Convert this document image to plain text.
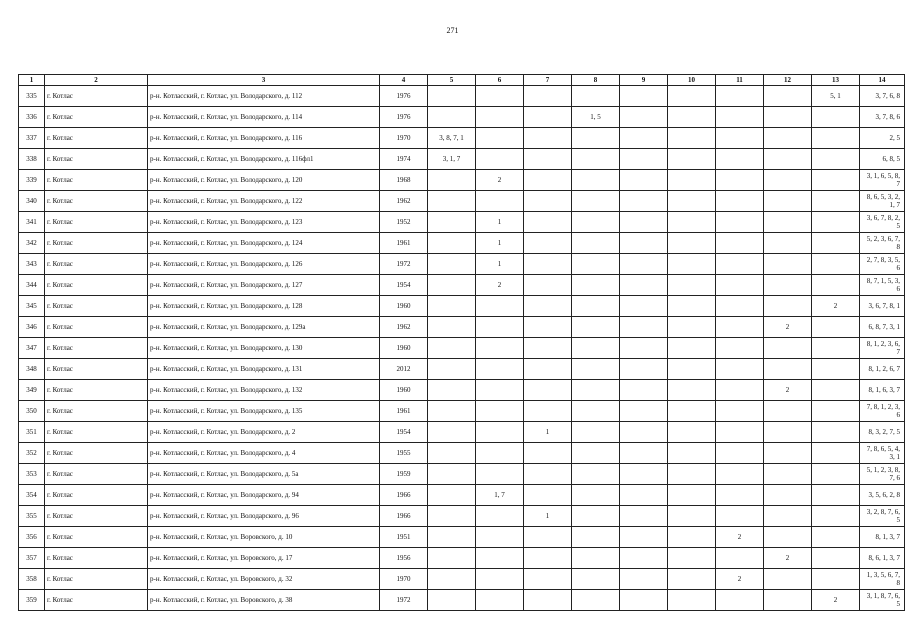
271
1	2	3	4	5	6	7	8	9	10	11	12	13	14
335	г. Котлас	р-н. Котласский, г. Котлас, ул. Володарского, д. 112	1976									5, 1	3, 7, 6, 8
336	г. Котлас	р-н. Котласский, г. Котлас, ул. Володарского, д. 114	1976				1, 5						3, 7, 8, 6
337	г. Котлас	р-н. Котласский, г. Котлас, ул. Володарского, д. 116	1970	3, 8, 7, 1									2, 5
338	г. Котлас	р-н. Котласский, г. Котлас, ул. Володарского, д. 116фл1	1974	3, 1, 7									6, 8, 5
339	г. Котлас	р-н. Котласский, г. Котлас, ул. Володарского, д. 120	1968		2								3, 1, 6, 5, 8, 7
340	г. Котлас	р-н. Котласский, г. Котлас, ул. Володарского, д. 122	1962										8, 6, 5, 3, 2, 1, 7
341	г. Котлас	р-н. Котласский, г. Котлас, ул. Володарского, д. 123	1952		1								3, 6, 7, 8, 2, 5
342	г. Котлас	р-н. Котласский, г. Котлас, ул. Володарского, д. 124	1961		1								5, 2, 3, 6, 7, 8
343	г. Котлас	р-н. Котласский, г. Котлас, ул. Володарского, д. 126	1972		1								2, 7, 8, 3, 5, 6
344	г. Котлас	р-н. Котласский, г. Котлас, ул. Володарского, д. 127	1954		2								8, 7, 1, 5, 3, 6
345	г. Котлас	р-н. Котласский, г. Котлас, ул. Володарского, д. 128	1960									2	3, 6, 7, 8, 1
346	г. Котлас	р-н. Котласский, г. Котлас, ул. Володарского, д. 129а	1962								2		6, 8, 7, 3, 1
347	г. Котлас	р-н. Котласский, г. Котлас, ул. Володарского, д. 130	1960										8, 1, 2, 3, 6, 7
348	г. Котлас	р-н. Котласский, г. Котлас, ул. Володарского, д. 131	2012										8, 1, 2, 6, 7
349	г. Котлас	р-н. Котласский, г. Котлас, ул. Володарского, д. 132	1960								2		8, 1, 6, 3, 7
350	г. Котлас	р-н. Котласский, г. Котлас, ул. Володарского, д. 135	1961										7, 8, 1, 2, 3, 6
351	г. Котлас	р-н. Котласский, г. Котлас, ул. Володарского, д. 2	1954			1							8, 3, 2, 7, 5
352	г. Котлас	р-н. Котласский, г. Котлас, ул. Володарского, д. 4	1955										7, 8, 6, 5, 4, 3, 1
353	г. Котлас	р-н. Котласский, г. Котлас, ул. Володарского, д. 5а	1959										5, 1, 2, 3, 8, 7, 6
354	г. Котлас	р-н. Котласский, г. Котлас, ул. Володарского, д. 94	1966		1, 7								3, 5, 6, 2, 8
355	г. Котлас	р-н. Котласский, г. Котлас, ул. Володарского, д. 96	1966			1							3, 2, 8, 7, 6, 5
356	г. Котлас	р-н. Котласский, г. Котлас, ул. Воровского, д. 10	1951							2			8, 1, 3, 7
357	г. Котлас	р-н. Котласский, г. Котлас, ул. Воровского, д. 17	1956								2		8, 6, 1, 3, 7
358	г. Котлас	р-н. Котласский, г. Котлас, ул. Воровского, д. 32	1970							2			1, 3, 5, 6, 7, 8
359	г. Котлас	р-н. Котласский, г. Котлас, ул. Воровского, д. 38	1972									2	3, 1, 8, 7, 6, 5
